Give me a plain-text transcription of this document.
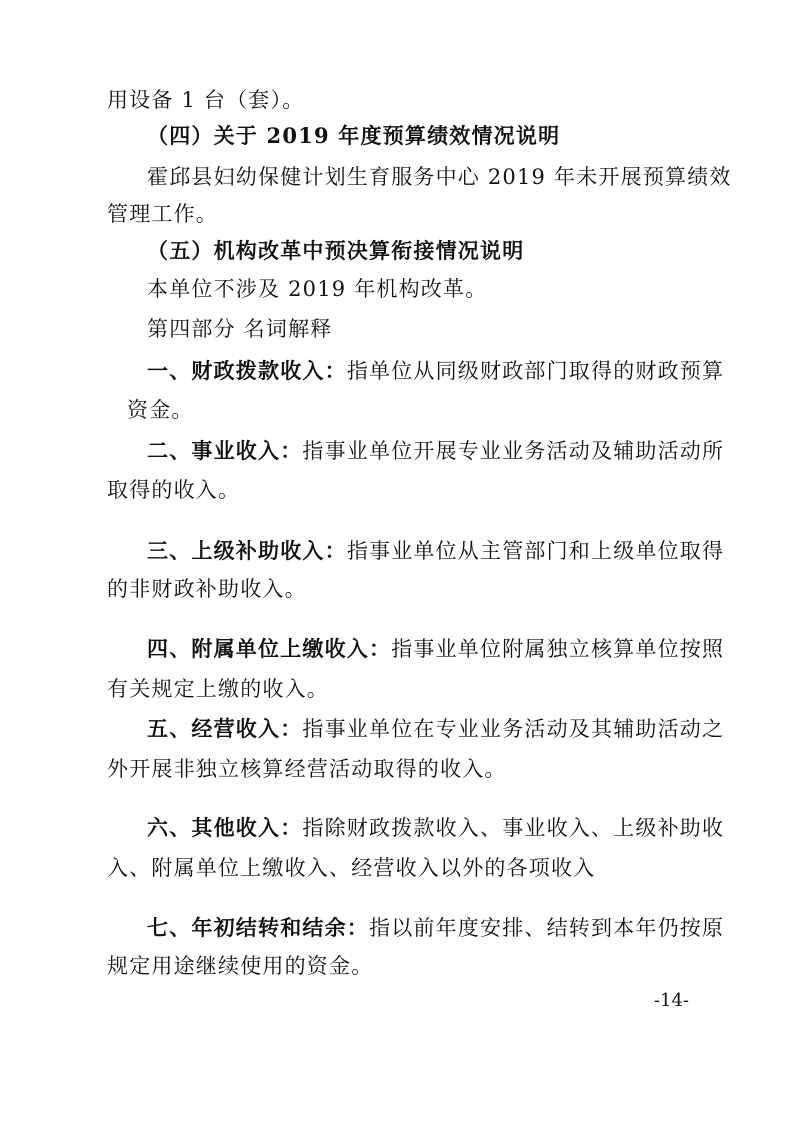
用设备 1 台（套）。
（四）关于 2019 年度预算绩效情况说明
霍邱县妇幼保健计划生育服务中心 2019 年未开展预算绩效
管理工作。
（五）机构改革中预决算衔接情况说明
本单位不涉及 2019 年机构改革。
第四部分 名词解释
一、财政拨款收入：指单位从同级财政部门取得的财政预算
资金。
二、事业收入：指事业单位开展专业业务活动及辅助活动所
取得的收入。
三、上级补助收入：指事业单位从主管部门和上级单位取得
的非财政补助收入。
四、附属单位上缴收入：指事业单位附属独立核算单位按照
有关规定上缴的收入。
五、经营收入：指事业单位在专业业务活动及其辅助活动之
外开展非独立核算经营活动取得的收入。
六、其他收入：指除财政拨款收入、事业收入、上级补助收
入、附属单位上缴收入、经营收入以外的各项收入
七、年初结转和结余：指以前年度安排、结转到本年仍按原
规定用途继续使用的资金。
-14-
